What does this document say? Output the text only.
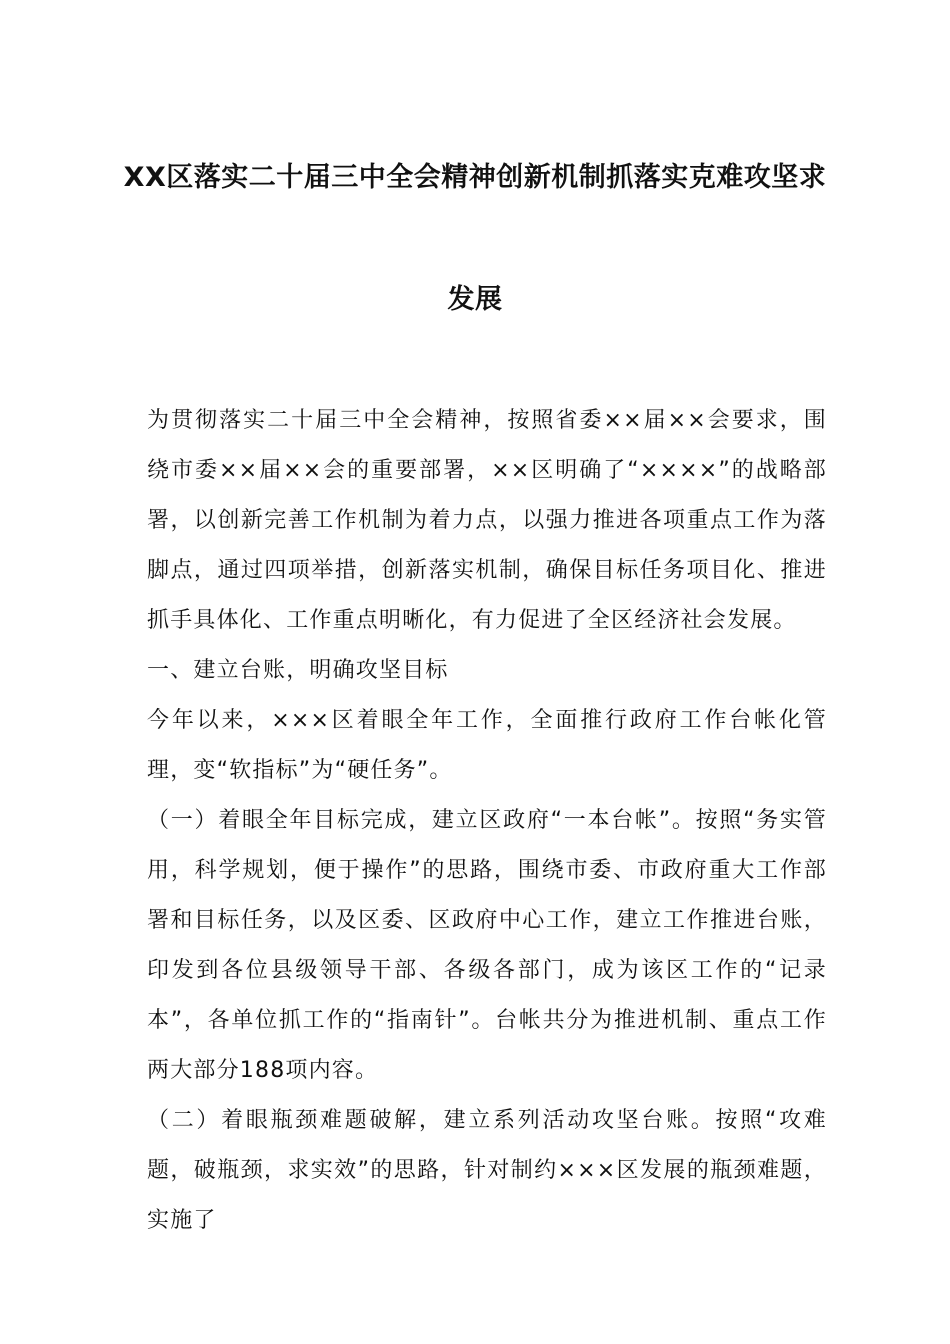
XX区落实二十届三中全会精神创新机制抓落实克难攻坚求
发展

为贯彻落实二十届三中全会精神，按照省委××届××会要求，围绕市委××届××会的重要部署，××区明确了“××××”的战略部署，以创新完善工作机制为着力点，以强力推进各项重点工作为落脚点，通过四项举措，创新落实机制，确保目标任务项目化、推进抓手具体化、工作重点明晰化，有力促进了全区经济社会发展。

一、建立台账，明确攻坚目标

今年以来，×××区着眼全年工作，全面推行政府工作台帐化管理，变“软指标”为“硬任务”。

（一）着眼全年目标完成，建立区政府“一本台帐”。按照“务实管用，科学规划，便于操作”的思路，围绕市委、市政府重大工作部署和目标任务，以及区委、区政府中心工作，建立工作推进台账，印发到各位县级领导干部、各级各部门，成为该区工作的“记录本”，各单位抓工作的“指南针”。台帐共分为推进机制、重点工作两大部分188项内容。

（二）着眼瓶颈难题破解，建立系列活动攻坚台账。按照“攻难题，破瓶颈，求实效”的思路，针对制约×××区发展的瓶颈难题，实施了
